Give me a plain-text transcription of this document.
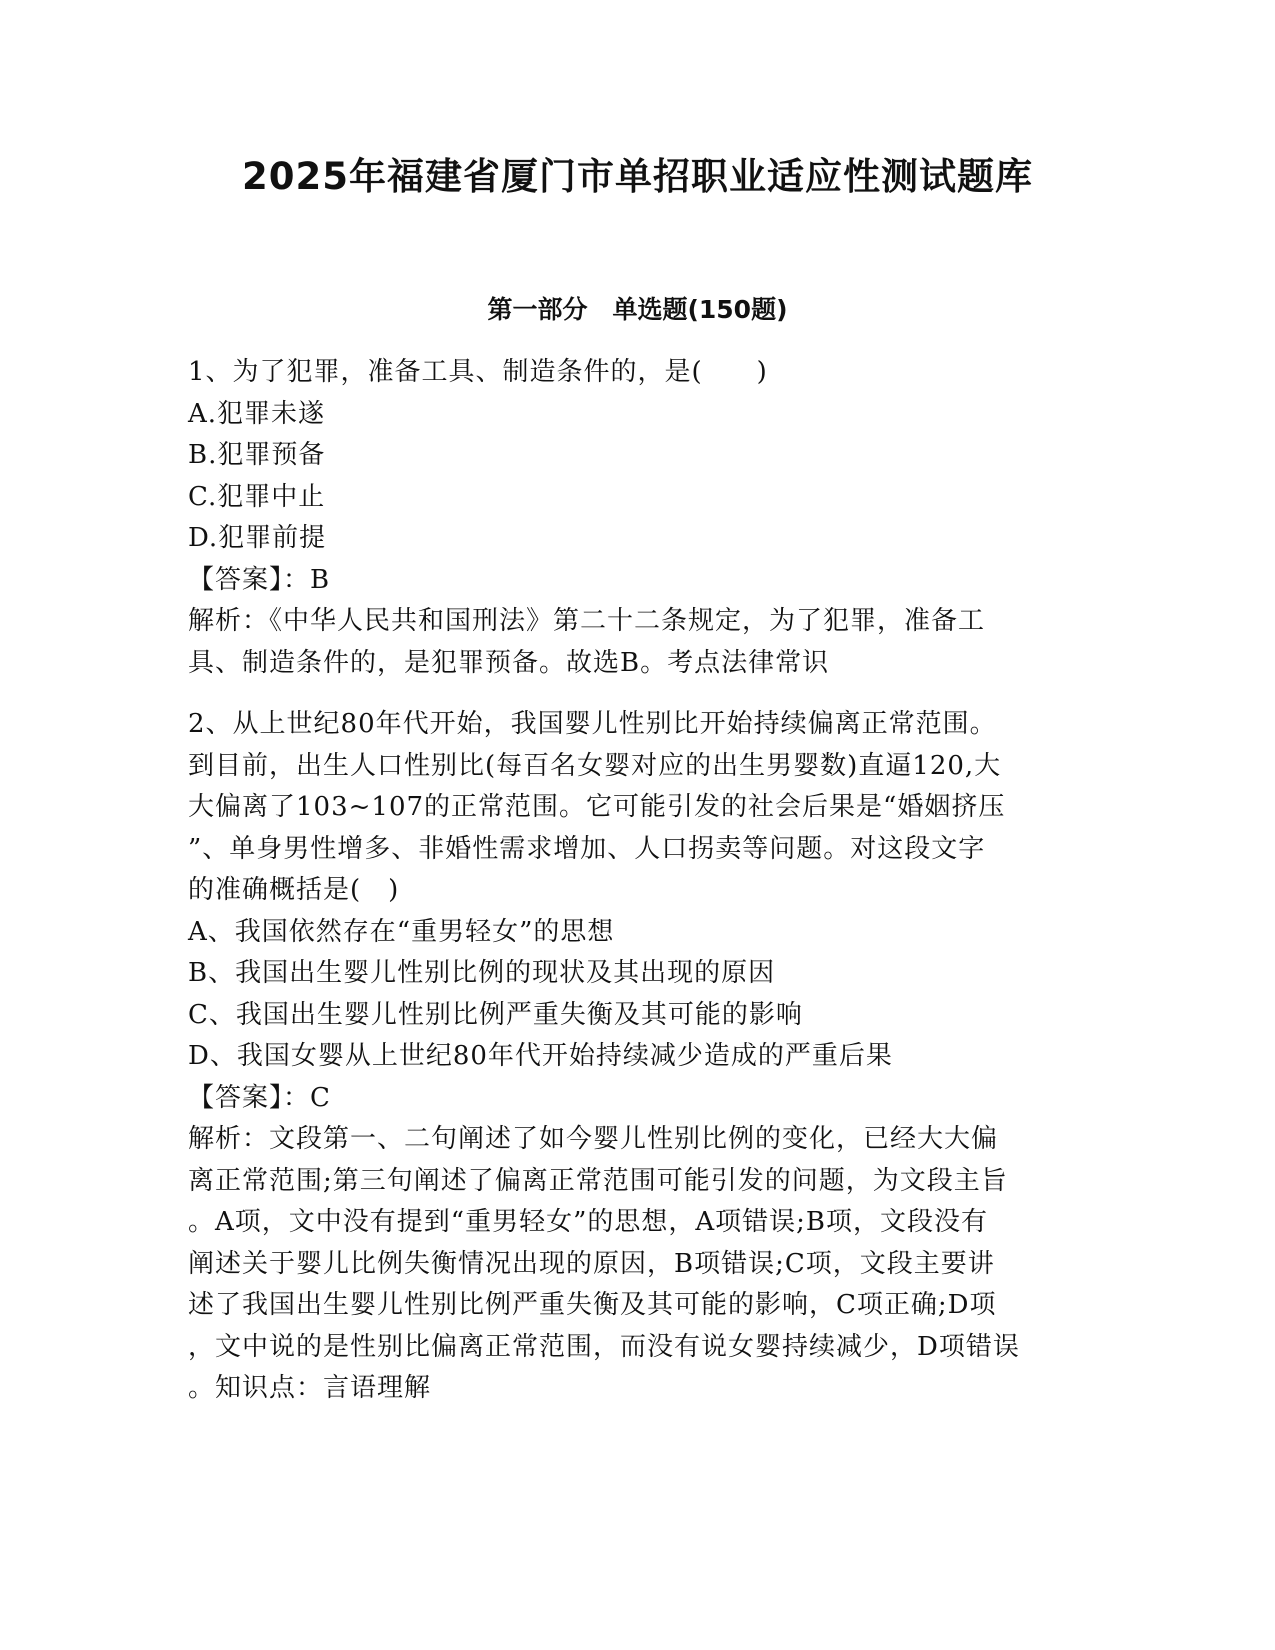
2025年福建省厦门市单招职业适应性测试题库
第一部分　单选题(150题)
1、为了犯罪，准备工具、制造条件的，是(　　)
A.犯罪未遂
B.犯罪预备
C.犯罪中止
D.犯罪前提
【答案】：B
解析：《中华人民共和国刑法》第二十二条规定，为了犯罪，准备工
具、制造条件的，是犯罪预备。故选B。考点法律常识
2、从上世纪80年代开始，我国婴儿性别比开始持续偏离正常范围。
到目前，出生人口性别比(每百名女婴对应的出生男婴数)直逼120,大
大偏离了103~107的正常范围。它可能引发的社会后果是“婚姻挤压
”、单身男性增多、非婚性需求增加、人口拐卖等问题。对这段文字
的准确概括是(　)
A、我国依然存在“重男轻女”的思想
B、我国出生婴儿性别比例的现状及其出现的原因
C、我国出生婴儿性别比例严重失衡及其可能的影响
D、我国女婴从上世纪80年代开始持续减少造成的严重后果
【答案】：C
解析：文段第一、二句阐述了如今婴儿性别比例的变化，已经大大偏
离正常范围;第三句阐述了偏离正常范围可能引发的问题，为文段主旨
。A项，文中没有提到“重男轻女”的思想，A项错误;B项，文段没有
阐述关于婴儿比例失衡情况出现的原因，B项错误;C项，文段主要讲
述了我国出生婴儿性别比例严重失衡及其可能的影响，C项正确;D项
，文中说的是性别比偏离正常范围，而没有说女婴持续减少，D项错误
。知识点：言语理解
